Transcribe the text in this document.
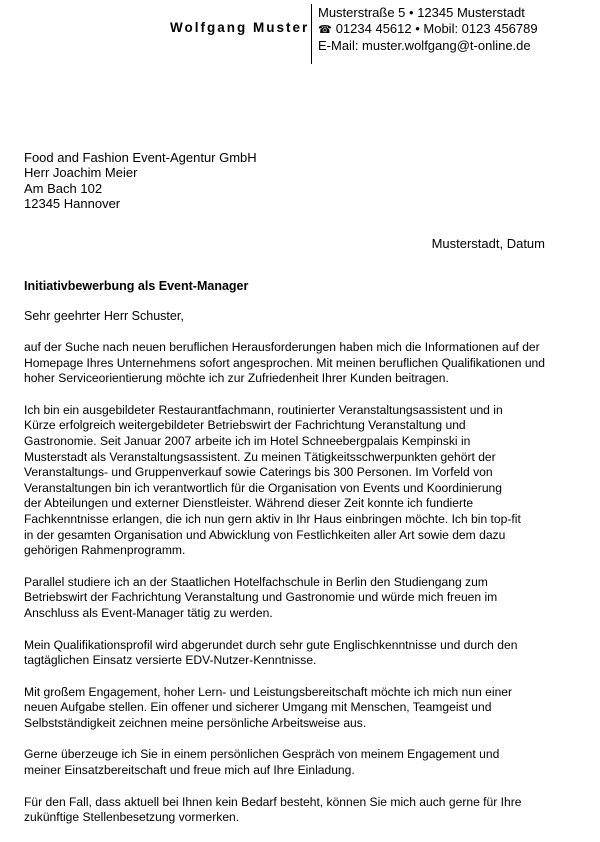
Wolfgang Muster
Musterstraße 5 • 12345 Musterstadt
☎ 01234 45612 • Mobil: 0123 456789
E-Mail: muster.wolfgang@t-online.de
Food and Fashion Event-Agentur GmbH
Herr Joachim Meier
Am Bach 102
12345 Hannover
Musterstadt, Datum
Initiativbewerbung als Event-Manager
Sehr geehrter Herr Schuster,
auf der Suche nach neuen beruflichen Herausforderungen haben mich die Informationen auf der
Homepage Ihres Unternehmens sofort angesprochen. Mit meinen beruflichen Qualifikationen und
hoher Serviceorientierung möchte ich zur Zufriedenheit Ihrer Kunden beitragen.
Ich bin ein ausgebildeter Restaurantfachmann, routinierter Veranstaltungsassistent und in
Kürze erfolgreich weitergebildeter Betriebswirt der Fachrichtung Veranstaltung und
Gastronomie. Seit Januar 2007 arbeite ich im Hotel Schneebergpalais Kempinski in
Musterstadt als Veranstaltungsassistent. Zu meinen Tätigkeitsschwerpunkten gehört der
Veranstaltungs- und Gruppenverkauf sowie Caterings bis 300 Personen. Im Vorfeld von
Veranstaltungen bin ich verantwortlich für die Organisation von Events und Koordinierung
der Abteilungen und externer Dienstleister. Während dieser Zeit konnte ich fundierte
Fachkenntnisse erlangen, die ich nun gern aktiv in Ihr Haus einbringen möchte. Ich bin top-fit
in der gesamten Organisation und Abwicklung von Festlichkeiten aller Art sowie dem dazu
gehörigen Rahmenprogramm.
Parallel studiere ich an der Staatlichen Hotelfachschule in Berlin den Studiengang zum
Betriebswirt der Fachrichtung Veranstaltung und Gastronomie und würde mich freuen im
Anschluss als Event-Manager tätig zu werden.
Mein Qualifikationsprofil wird abgerundet durch sehr gute Englischkenntnisse und durch den
tagtäglichen Einsatz versierte EDV-Nutzer-Kenntnisse.
Mit großem Engagement, hoher Lern- und Leistungsbereitschaft möchte ich mich nun einer
neuen Aufgabe stellen. Ein offener und sicherer Umgang mit Menschen, Teamgeist und
Selbstständigkeit zeichnen meine persönliche Arbeitsweise aus.
Gerne überzeuge ich Sie in einem persönlichen Gespräch von meinem Engagement und
meiner Einsatzbereitschaft und freue mich auf Ihre Einladung.
Für den Fall, dass aktuell bei Ihnen kein Bedarf besteht, können Sie mich auch gerne für Ihre
zukünftige Stellenbesetzung vormerken.
